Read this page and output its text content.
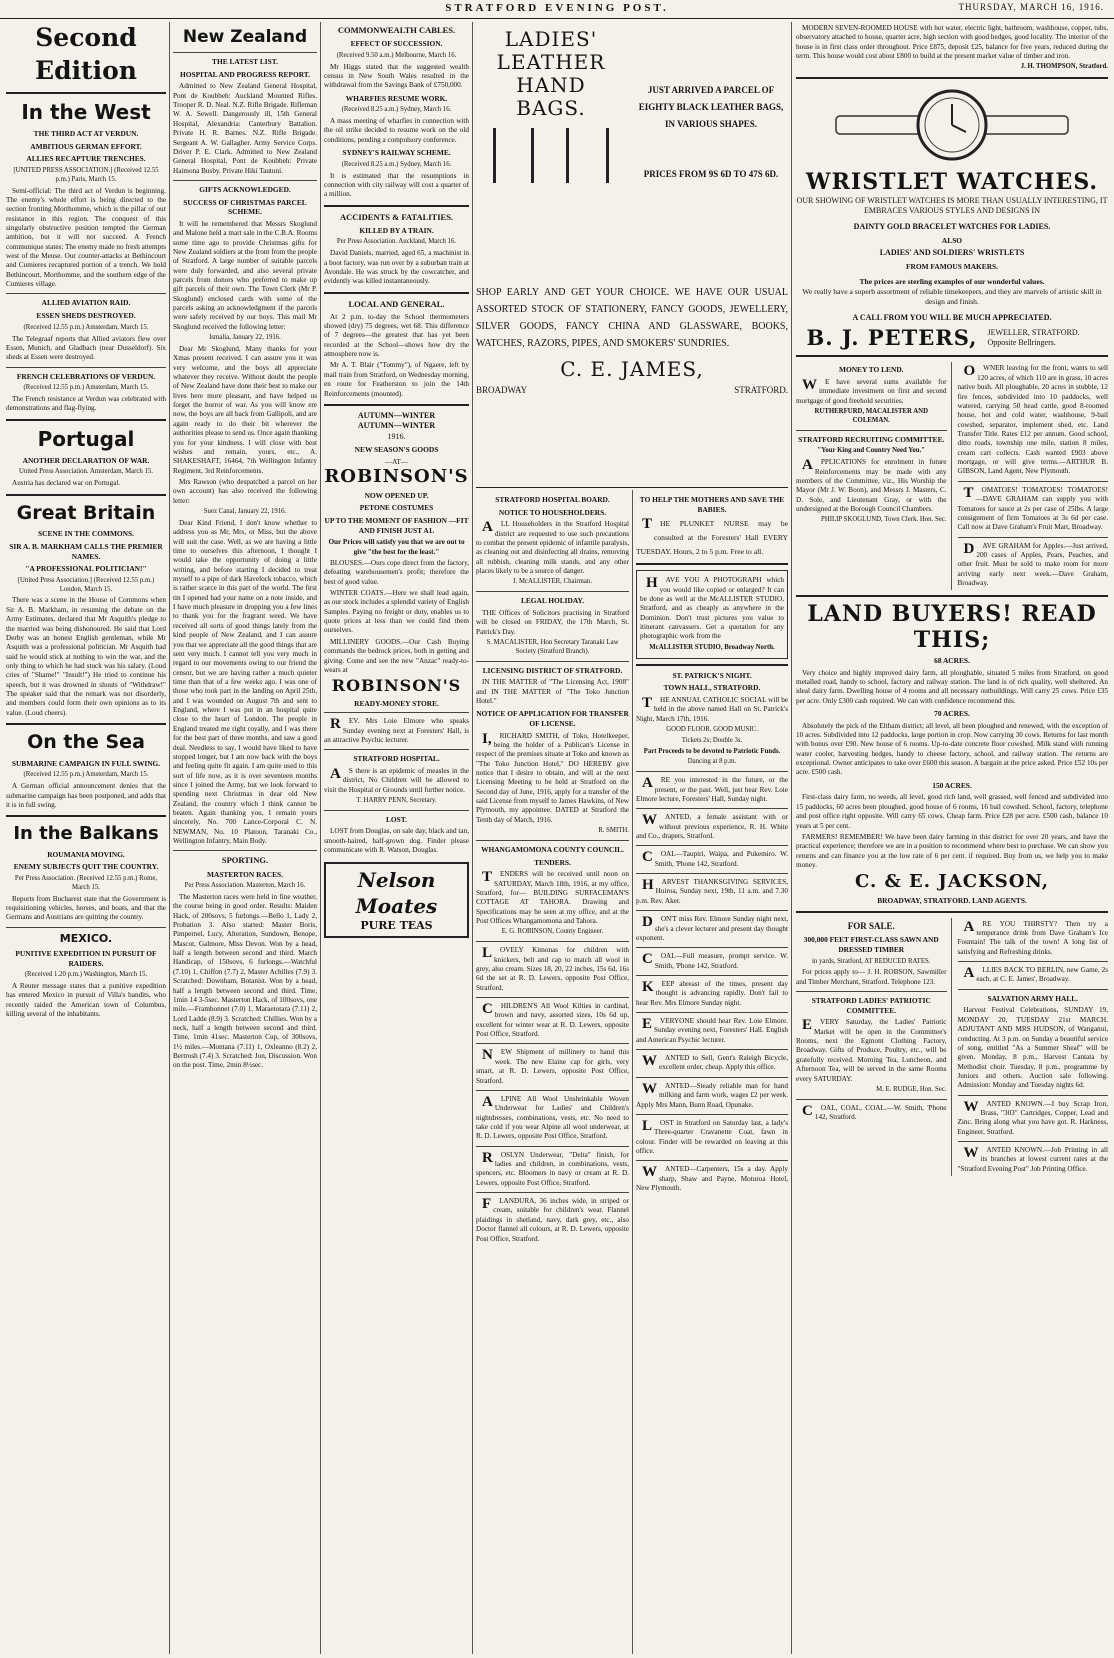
STRATFORD EVENING POST.	THURSDAY, MARCH 16, 1916.
Second Edition
In the West
THE THIRD ACT AT VERDUN.
AMBITIOUS GERMAN EFFORT.
ALLIES RECAPTURE TRENCHES.
[UNITED PRESS ASSOCIATION.] (Received 12.55 p.m.) Paris, March 15.
Semi-official: The third act of Verdun is beginning. The enemy's whole effort is being directed to the section fronting Morthomme, which is the pillar of our resistance in this region. The conquest of this singularly obstructive position tempted the German ambition, but it will not succeed. A French communique states: The enemy made no fresh attempts west of the Meuse. Our counter-attacks at Bethincourt and Cumieres recaptured portion of a trench. We hold Bethincourt, Morthomme, and the southern edge of the Cumieres village.
ALLIED AVIATION RAID.
ESSEN SHEDS DESTROYED.
(Received 12.55 p.m.) Amsterdam, March 15.
The Telegraaf reports that Allied aviators flew over Essen, Munich, and Gladbach (near Dusseldorf). Six sheds at Essen were destroyed.
FRENCH CELEBRATIONS OF VERDUN.
(Received 12.55 p.m.) Amsterdam, March 15.
The French resistance at Verdun was celebrated with demonstrations and flag-flying.
Portugal
ANOTHER DECLARATION OF WAR.
United Press Association. Amsterdam, March 15.
Austria has declared war on Portugal.
Great Britain
SCENE IN THE COMMONS.
SIR A. B. MARKHAM CALLS THE PREMIER NAMES.
"A PROFESSIONAL POLITICIAN!"
[United Press Association.] (Received 12.55 p.m.) London, March 15.
There was a scene in the House of Commons when Sir A. B. Markham, in resuming the debate on the Army Estimates, declared that Mr Asquith's pledge to the married was being dishonoured. He said that Lord Derby was an honest English gentleman, while Mr Asquith was a professional politician. Mr Asquith had said he would stick at nothing to win the war, and the only thing to which he had stuck was his salary. (Loud cries of "Shame!" "Insult!") He tried to continue his speech, but it was drowned in shouts of "Withdraw!" The speaker said that the remark was not disorderly, and members could form their own opinions as to its value. (Loud cheers).
On the Sea
SUBMARINE CAMPAIGN IN FULL SWING.
(Received 12.55 p.m.) Amsterdam, March 15.
A German official announcement denies that the submarine campaign has been postponed, and adds that it is in full swing.
In the Balkans
ROUMANIA MOVING.
ENEMY SUBJECTS QUIT THE COUNTRY.
Per Press Association. (Received 12.55 p.m.) Rome, March 15.
Reports from Bucharest state that the Government is requisitioning vehicles, horses, and boats, and that the Germans and Austrians are quitting the country.
MEXICO.
PUNITIVE EXPEDITION IN PURSUIT OF RAIDERS.
(Received 1.20 p.m.) Washington, March 15.
A Reuter message states that a punitive expedition has entered Mexico in pursuit of Villa's bandits, who recently raided the American town of Columbus, killing several of the inhabitants.
New Zealand
THE LATEST LIST.
HOSPITAL AND PROGRESS REPORT.
Admitted to New Zealand General Hospital, Pont de Koubbeh: Auckland Mounted Rifles. Trooper R. D. Neal. N.Z. Rifle Brigade. Rifleman W. A. Sewell. Dangerously ill, 15th General Hospital, Alexandria: Canterbury Battalion. Private H. R. Barnes. N.Z. Rifle Brigade. Sergeant A. W. Gallagher. Army Service Corps. Driver P. E. Clark. Admitted to New Zealand General Hospital, Pont de Koubbeh: Private Haimona Busby. Private Hiki Tautuni.
GIFTS ACKNOWLEDGED.
SUCCESS OF CHRISTMAS PARCEL SCHEME.
It will be remembered that Messrs Skoglund and Malone held a mart sale in the C.B.A. Rooms some time ago to provide Christmas gifts for New Zealand soldiers at the front from the people of Stratford. A large number of suitable parcels were duly forwarded, and also several private parcels from donors who preferred to make up gift parcels of their own. The Town Clerk (Mr P. Skoglund) enclosed cards with some of the parcels asking an acknowledgment if the parcels were safely received by our boys. This mail Mr Skoglund received the following letter:
Ismalia, January 22, 1916.
Dear Mr Skoglund, Many thanks for your Xmas present received. I can assure you it was very welcome, and the boys all appreciate whatever they receive. Without doubt the people of New Zealand have done their best to make our lives here more pleasant, and have helped us forget the horror of war. As you will know ere now, the boys are all back from Gallipoli, and are again ready to do their bit wherever the authorities please to send us. Once again thanking you for your kindness. I will close with best wishes and remain, yours, etc., A. SHAKESHAFT, 16464, 7th Wellington Infantry Regiment, 3rd Reinforcements.
Mrs Rawson (who despatched a parcel on her own account) has also received the following letter:
Suez Canal, January 22, 1916.
Dear Kind Friend, I don't know whether to address you as Mr, Mrs, or Miss, but the above will suit the case. Well, as we are having a little time to ourselves this afternoon, I thought I would take the opportunity of doing a little writing, and before starting I decided to treat myself to a pipe of dark Havelock tobacco, which is rather scarce in this part of the world. The first tin I opened had your name on a note inside, and I have much pleasure in dropping you a few lines to thank you for the fragrant weed. We have received all sorts of good things lately from the kind people of New Zealand, and I can assure you that we appreciate all the good things that are sent very much. I cannot tell you very much in regard to our movements owing to our friend the censor, but we are having rather a much quieter time than that of a few weeks ago. I was one of those who took part in the landing on April 25th, and I was wounded on August 7th and sent to England, where I was put in an hospital quite close to the heart of London. The people in England treated me right royally, and I was there for the best part of three months, and saw a good deal. Needless to say, I would have liked to have stopped longer, but I am now back with the boys and feeling quite fit again. I am quite used to this sort of life now, as it is over seventeen months since I joined the Army, but we look forward to spending next Christmas in dear old New Zealand, the country which I think cannot be beaten. Again thanking you, I remain yours sincerely, No. 700 Lance-Corporal C. N. NEWMAN, No. 10 Platoon, Taranaki Co., Wellington Infantry, Main Body.
SPORTING.
MASTERTON RACES.
Per Press Association. Masterton, March 16.
The Masterton races were held in fine weather, the course being in good order. Results: Maiden Hack, of 200sovs, 5 furlongs.—Bello 1, Lady 2, Probation 3. Also started: Master Boris, Pimpernel, Lucy, Alteration, Sundown, Benope, Mascot, Galmore, Miss Devon. Won by a head, half a length between second and third. March Handicap, of 150sovs, 6 furlongs.—Watchful (7.10) 1, Chiffon (7.7) 2, Master Achilles (7.9) 3. Scratched: Downham, Botanist. Won by a head, half a length between second and third. Time, 1min 14 3-5sec. Masterton Hack, of 100sovs, one mile.—Frambonnet (7.0) 1, Maraetotara (7.11) 2, Lord Ladde (8.9) 3. Scratched: Chillies. Won by a neck, half a length between second and third. Time, 1min 41sec. Masterton Cup, of 300sovs, 1½ miles.—Montana (7.11) 1, Oxleanno (8.2) 2, Bertrosh (7.4) 3. Scratched: Jon, Discussion. Won on the post. Time, 2min 8½sec.
COMMONWEALTH CABLES.
EFFECT OF SUCCESSION.
(Received 9.50 a.m.) Melbourne, March 16.
Mr Higgs stated that the suggested wealth census in New South Wales resulted in the withdrawal from the Savings Bank of £750,000.
WHARFIES RESUME WORK.
(Received 8.25 a.m.) Sydney, March 16.
A mass meeting of wharfies in connection with the oil strike decided to resume work on the old conditions, pending a compulsory conference.
SYDNEY'S RAILWAY SCHEME.
(Received 8.25 a.m.) Sydney, March 16.
It is estimated that the resumptions in connection with city railway will cost a quarter of a million.
ACCIDENTS & FATALITIES.
KILLED BY A TRAIN.
Per Press Association. Auckland, March 16.
David Daniels, married, aged 65, a machinist in a boot factory, was run over by a suburban train at Avondale. He was struck by the cowcatcher, and evidently was killed instantaneously.
LOCAL AND GENERAL.
At 2 p.m. to-day the School thermometers showed (dry) 75 degrees, wet 68. This difference of 7 degrees—the greatest that has yet been recorded at the School—shows how dry the atmosphere now is.
Mr A. T. Blair ("Tommy"), of Ngaere, left by mail train from Stratford, on Wednesday morning, en route for Featherston to join the 14th Reinforcements (mounted).
AUTUMN—WINTER
AUTUMN—WINTER
1916.
NEW SEASON'S GOODS
—AT—
ROBINSON'S
NOW OPENED UP.
PETONE COSTUMES
UP TO THE MOMENT OF FASHION —FIT AND FINISH JUST A1.
Our Prices will satisfy you that we are out to give "the best for the least."
BLOUSES.—Ours cope direct from the factory, defeating warehousemen's profit; therefore the best of good value.
WINTER COATS.—Here we shall lead again, as our stock includes a splendid variety of English Samples. Paying no freight or duty, enables us to quote prices at less than we could find them ourselves.
MILLINERY GOODS.—Our Cash Buying commands the bedrock prices, both in getting and giving. Come and see the new "Anzac" ready-to-wears at
ROBINSON'S
READY-MONEY STORE.
REV. Mrs Loie Elmore who speaks Sunday evening next at Foresters' Hall, is an attractive Psychic lecturer.
STRATFORD HOSPITAL.
AS there is an epidemic of measles in the district, No Children will be allowed to visit the Hospital or Grounds until further notice.
T. HARRY PENN, Secretary.
LOST.
LOST from Douglas, on sale day, black and tan, smooth-haired, half-grown dog. Finder please communicate with R. Watson, Douglas.
Nelson Moates
PURE TEAS
LADIES'
LEATHER
HAND
BAGS.
JUST ARRIVED A PARCEL OF EIGHTY BLACK LEATHER BAGS, IN VARIOUS SHAPES.
PRICES FROM 9S 6D TO 47S 6D.
SHOP EARLY AND GET YOUR CHOICE. WE HAVE OUR USUAL ASSORTED STOCK OF STATIONERY, FANCY GOODS, JEWELLERY, SILVER GOODS, FANCY CHINA AND GLASSWARE, BOOKS, WATCHES, RAZORS, PIPES, AND SMOKERS' SUNDRIES.
C. E. JAMES,
BROADWAY	STRATFORD.
STRATFORD HOSPITAL BOARD.
NOTICE TO HOUSEHOLDERS.
ALL Householders in the Stratford Hospital district are requested to use such precautions to combat the present epidemic of infantile paralysis, as cleaning out and disinfecting all drains, removing all rubbish, cleaning milk stands, and any other places likely to be a source of danger.
J. McALLISTER, Chairman.
LEGAL HOLIDAY.
THE Offices of Solicitors practising in Stratford will be closed on FRIDAY, the 17th March, St. Patrick's Day.
S. MACALISTER, Hon Secretary Taranaki Law Society (Stratford Branch).
LICENSING DISTRICT OF STRATFORD.
IN THE MATTER of "The Licensing Act, 1908" and IN THE MATTER of "The Toko Junction Hotel."
NOTICE OF APPLICATION FOR TRANSFER OF LICENSE.
I,RICHARD SMITH, of Toko, Hotelkeeper, being the holder of a Publican's License in respect of the premises situate at Toko and known as "The Toko Junction Hotel," DO HEREBY give notice that I desire to obtain, and will at the next Licensing Meeting to be held at Stratford on the Second day of June, 1916, apply for a transfer of the said License from myself to James Hawkins, of New Plymouth, my appointee. DATED at Stratford the Tenth day of March, 1916.
R. SMITH.
WHANGAMOMONA COUNTY COUNCIL.
TENDERS.
TENDERS will be received until noon on SATURDAY, March 18th, 1916, at my office, Stratford, for— BUILDING SURFACEMAN'S COTTAGE AT TAHORA. Drawing and Specifications may be seen at my office, and at the Post Offices Whangamomona and Tahora.
E. G. ROBINSON, County Engineer.
LOVELY Kimonas for children with knickers, belt and cap to match all wool in grey, also cream. Sizes 18, 20, 22 inches, 15s 6d, 16s 6d the set at R. D. Lewers, opposite Post Office, Stratford.
CHILDREN'S All Wool Kilties in cardinal, brown and navy, assorted sizes, 10s 6d up, excellent for winter wear at R. D. Lewers, opposite Post Office, Stratford.
NEW Shipment of millinery to hand this week. The new Elaine cap for girls, very smart, at R. D. Lewers, opposite Post Office, Stratford.
ALPINE All Wool Unshrinkable Woven Underwear for Ladies' and Children's nightdresses, combinations, vests, etc. No need to take cold if you wear Alpine all wool underwear, at R. D. Lewers, opposite Post Office, Stratford.
ROSLYN Underwear, "Delta" finish, for ladies and children, in combinations, vests, spencers, etc. Bloomers in navy or cream at R. D. Lewers, opposite Post Office, Stratford.
FLANDURA, 36 inches wide, in striped or cream, suitable for children's wear. Flannel plaidings in shetland, navy, dark grey, etc., also Doctor flannel all colours, at R. D. Lewers, opposite Post Office, Stratford.
TO HELP THE MOTHERS AND SAVE THE BABIES.
THE PLUNKET NURSE may be consulted at the Foresters' Hall EVERY TUESDAY. Hours, 2 to 5 p.m. Free to all.
HAVE YOU A PHOTOGRAPH which you would like copied or enlarged? It can be done as well at the McALLISTER STUDIO, Stratford, and as cheaply as anywhere in the Dominion. Don't trust pictures you value to itinerant canvassers. Get a quotation for any photographic work from the
McALLISTER STUDIO, Broadway North.
ST. PATRICK'S NIGHT.
TOWN HALL, STRATFORD.
THE ANNUAL CATHOLIC SOCIAL will be held in the above named Hall on St. Patrick's Night, March 17th, 1916.
GOOD FLOOR. GOOD MUSIC.
Tickets 2s; Double 3s.
Part Proceeds to be devoted to Patriotic Funds.
Dancing at 8 p.m.
ARE you interested in the future, or the present, or the past. Well, just hear Rev. Loie Elmore lecture, Foresters' Hall, Sunday night.
WANTED, a female assistant with or without previous experience, R. H. White and Co., drapers, Stratford.
COAL—Taupiri, Waipa, and Pukemiro. W. Smith, 'Phone 142, Stratford.
HARVEST THANKSGIVING SERVICES, Huiroa, Sunday next, 19th, 11 a.m. and 7.30 p.m. Rev. Aker.
DON'T miss Rev. Elmore Sunday night next, she's a clever lecturer and present day thought exponent.
COAL—Full measure, prompt service. W. Smith, 'Phone 142, Stratford.
KEEP abreast of the times, present day thought is advancing rapidly. Don't fail to hear Rev. Mrs Elmore Sunday night.
EVERYONE should hear Rev. Loie Elmore. Sunday evening next, Foresters' Hall. English and American Psychic lecturer.
WANTED to Sell, Gent's Raleigh Bicycle, excellent order, cheap. Apply this office.
WANTED—Steady reliable man for hand milking and farm work, wages £2 per week. Apply Mrs Mann, Bunn Road, Opunake.
LOST in Stratford on Saturday last, a lady's Three-quarter Cravanette Coat, fawn in colour. Finder will be rewarded on leaving at this office.
WANTED—Carpenters, 15s a day. Apply sharp, Shaw and Payne, Moturoa Hotel, New Plymouth.
MODERN SEVEN-ROOMED HOUSE with hot water, electric light, bathroom, washhouse, copper, tubs, observatory attached to house, quarter acre, high section with good hedges, good locality. The interior of the house is in first class order throughout. Price £875, deposit £25, balance for five years, reduced during the term. This house would cost about £800 to build at the present market value of timber and iron.
J. H. THOMPSON, Stratford.
WRISTLET WATCHES.
OUR SHOWING OF WRISTLET WATCHES IS MORE THAN USUALLY INTERESTING, IT EMBRACES VARIOUS STYLES AND DESIGNS IN
DAINTY GOLD BRACELET WATCHES FOR LADIES.
ALSO
LADIES' AND SOLDIERS' WRISTLETS
FROM FAMOUS MAKERS.
The prices are sterling examples of our wonderful values.
We really have a superb assortment of reliable timekeepers, and they are marvels of artistic skill in design and finish.
A CALL FROM YOU WILL BE MUCH APPRECIATED.
B. J. PETERS, JEWELLER, STRATFORD. Opposite Bellringers.
MONEY TO LEND.
WE have several sums available for immediate investment on first and second mortgage of good freehold securities.
RUTHERFURD, MACALISTER AND COLEMAN.
STRATFORD RECRUITING COMMITTEE.
"Your King and Country Need You."
APPLICATIONS for enrolment in future Reinforcements may be made with any members of the Committee, viz., His Worship the Mayor (Mr J. W. Boon), and Messrs J. Masters, C. D. Sole, and Lieutenant Gray, or with the undersigned at the Borough Council Chambers.
PHILIP SKOGLUND, Town Clerk. Hon. Sec.
OWNER leaving for the front, wants to sell 120 acres, of which 110 are in grass, 10 acres native bush. All ploughable, 20 acres in stubble, 12 fire fences, subdivided into 10 paddocks, well watered, carrying 50 head cattle, good 8-roomed house, hot and cold water, washhouse, 9-bail cowshed, separator, implement shed, etc. Land Transfer Title. Rates £12 per annum. Good school, ditto roads, township one mile, station 8 miles, cream cart collects. Cash wanted £903 above mortgage, or will give terms.—ARTHUR B. GIBSON, Land Agent, New Plymouth.
TOMATOES! TOMATOES! TOMATOES!—DAVE GRAHAM can supply you with Tomatoes for sauce at 2s per case of 25lbs. A large consignment of firm Tomatoes at 3s 6d per case. Call now at Dave Graham's Fruit Mart, Broadway.
DAVE GRAHAM for Apples.—Just arrived, 200 cases of Apples, Pears, Peaches, and other fruit. Must be sold to make room for more arriving early next week.—Dave Graham, Broadway.
LAND BUYERS! READ THIS;
68 ACRES.
Very choice and highly improved dairy farm, all ploughable, situated 5 miles from Stratford, on good metalled road, handy to school, factory and railway station. The land is of rich quality, well sheltered. An ideal dairy farm. Dwelling house of 4 rooms and all necessary outbuildings. Will carry 25 cows. Price £35 per acre. Only £300 cash required. We can with confidence recommend this.
70 ACRES.
Absolutely the pick of the Eltham district; all level, all been ploughed and renewed, with the exception of 10 acres. Subdivided into 12 paddocks, large portion in crop. Now carrying 30 cows. Returns for last month with bonus over £90. New house of 6 rooms. Up-to-date concrete floor cowshed. Milk stand with running water cooler, harvesting hedges, handy to cheese factory, school, and railway station. The returns are exceptional. Owner anticipates to take over £600 this season. A bargain at the price asked. Price £52 10s per acre. £500 cash.
150 ACRES.
First-class dairy farm, no weeds, all level, good rich land, well grassed, well fenced and subdivided into 15 paddocks, 60 acres been ploughed, good house of 6 rooms, 16 bail cowshed. School, factory, telephone and post office right opposite. Will carry 65 cows. Cheap farm. Price £28 per acre. £500 cash, balance 10 years at 5 per cent.
FARMERS! REMEMBER! We have been dairy farming in this district for over 20 years, and have the practical experience; therefore we are in a position to recommend where best to purchase. We can show you returns and can finance you at the low rate of 6 per cent. if required. Buy from us, we help you to make money.
C. & E. JACKSON,
BROADWAY, STRATFORD. LAND AGENTS.
FOR SALE.
300,000 FEET FIRST-CLASS SAWN AND DRESSED TIMBER
in yards, Stratford, AT REDUCED RATES.
For prices apply to— J. H. ROBSON, Sawmiller and Timber Merchant, Stratford. Telephone 123.
STRATFORD LADIES' PATRIOTIC COMMITTEE.
EVERY Saturday, the Ladies' Patriotic Market will be open in the Committee's Rooms, next the Egmont Clothing Factory, Broadway. Gifts of Produce, Poultry, etc., will be gratefully received. Morning Tea, Luncheon, and Afternoon Tea, will be served in the same Rooms every SATURDAY.
M. E. RUDGE, Hon. Sec.
COAL, COAL, COAL.—W. Smith, 'Phone 142, Stratford.
ARE YOU THIRSTY? Then try a temperance drink from Dave Graham's Ice Fountain! The talk of the town! A long list of satisfying and Refreshing drinks.
ALLIES BACK TO BERLIN, new Game, 2s each, at C. E. James', Broadway.
SALVATION ARMY HALL.
Harvest Festival Celebrations, SUNDAY 19, MONDAY 20, TUESDAY 21st MARCH. ADJUTANT AND MRS HUDSON, of Wanganui, conducting. At 3 p.m. on Sunday a beautiful service of song, entitled "As a Summer Sheaf" will be given. Monday, 8 p.m., Harvest Cantata by Methodist choir. Tuesday, 8 p.m., programme by Juniors and others. Auction sale following. Admission: Monday and Tuesday nights 6d.
WANTED KNOWN.—I buy Scrap Iron, Brass, "303" Cartridges, Copper, Lead and Zinc. Bring along what you have got. R. Harkness, Engineer, Stratford.
WANTED KNOWN.—Job Printing in all its branches at lowest current rates at the "Stratford Evening Post" Job Printing Office.
